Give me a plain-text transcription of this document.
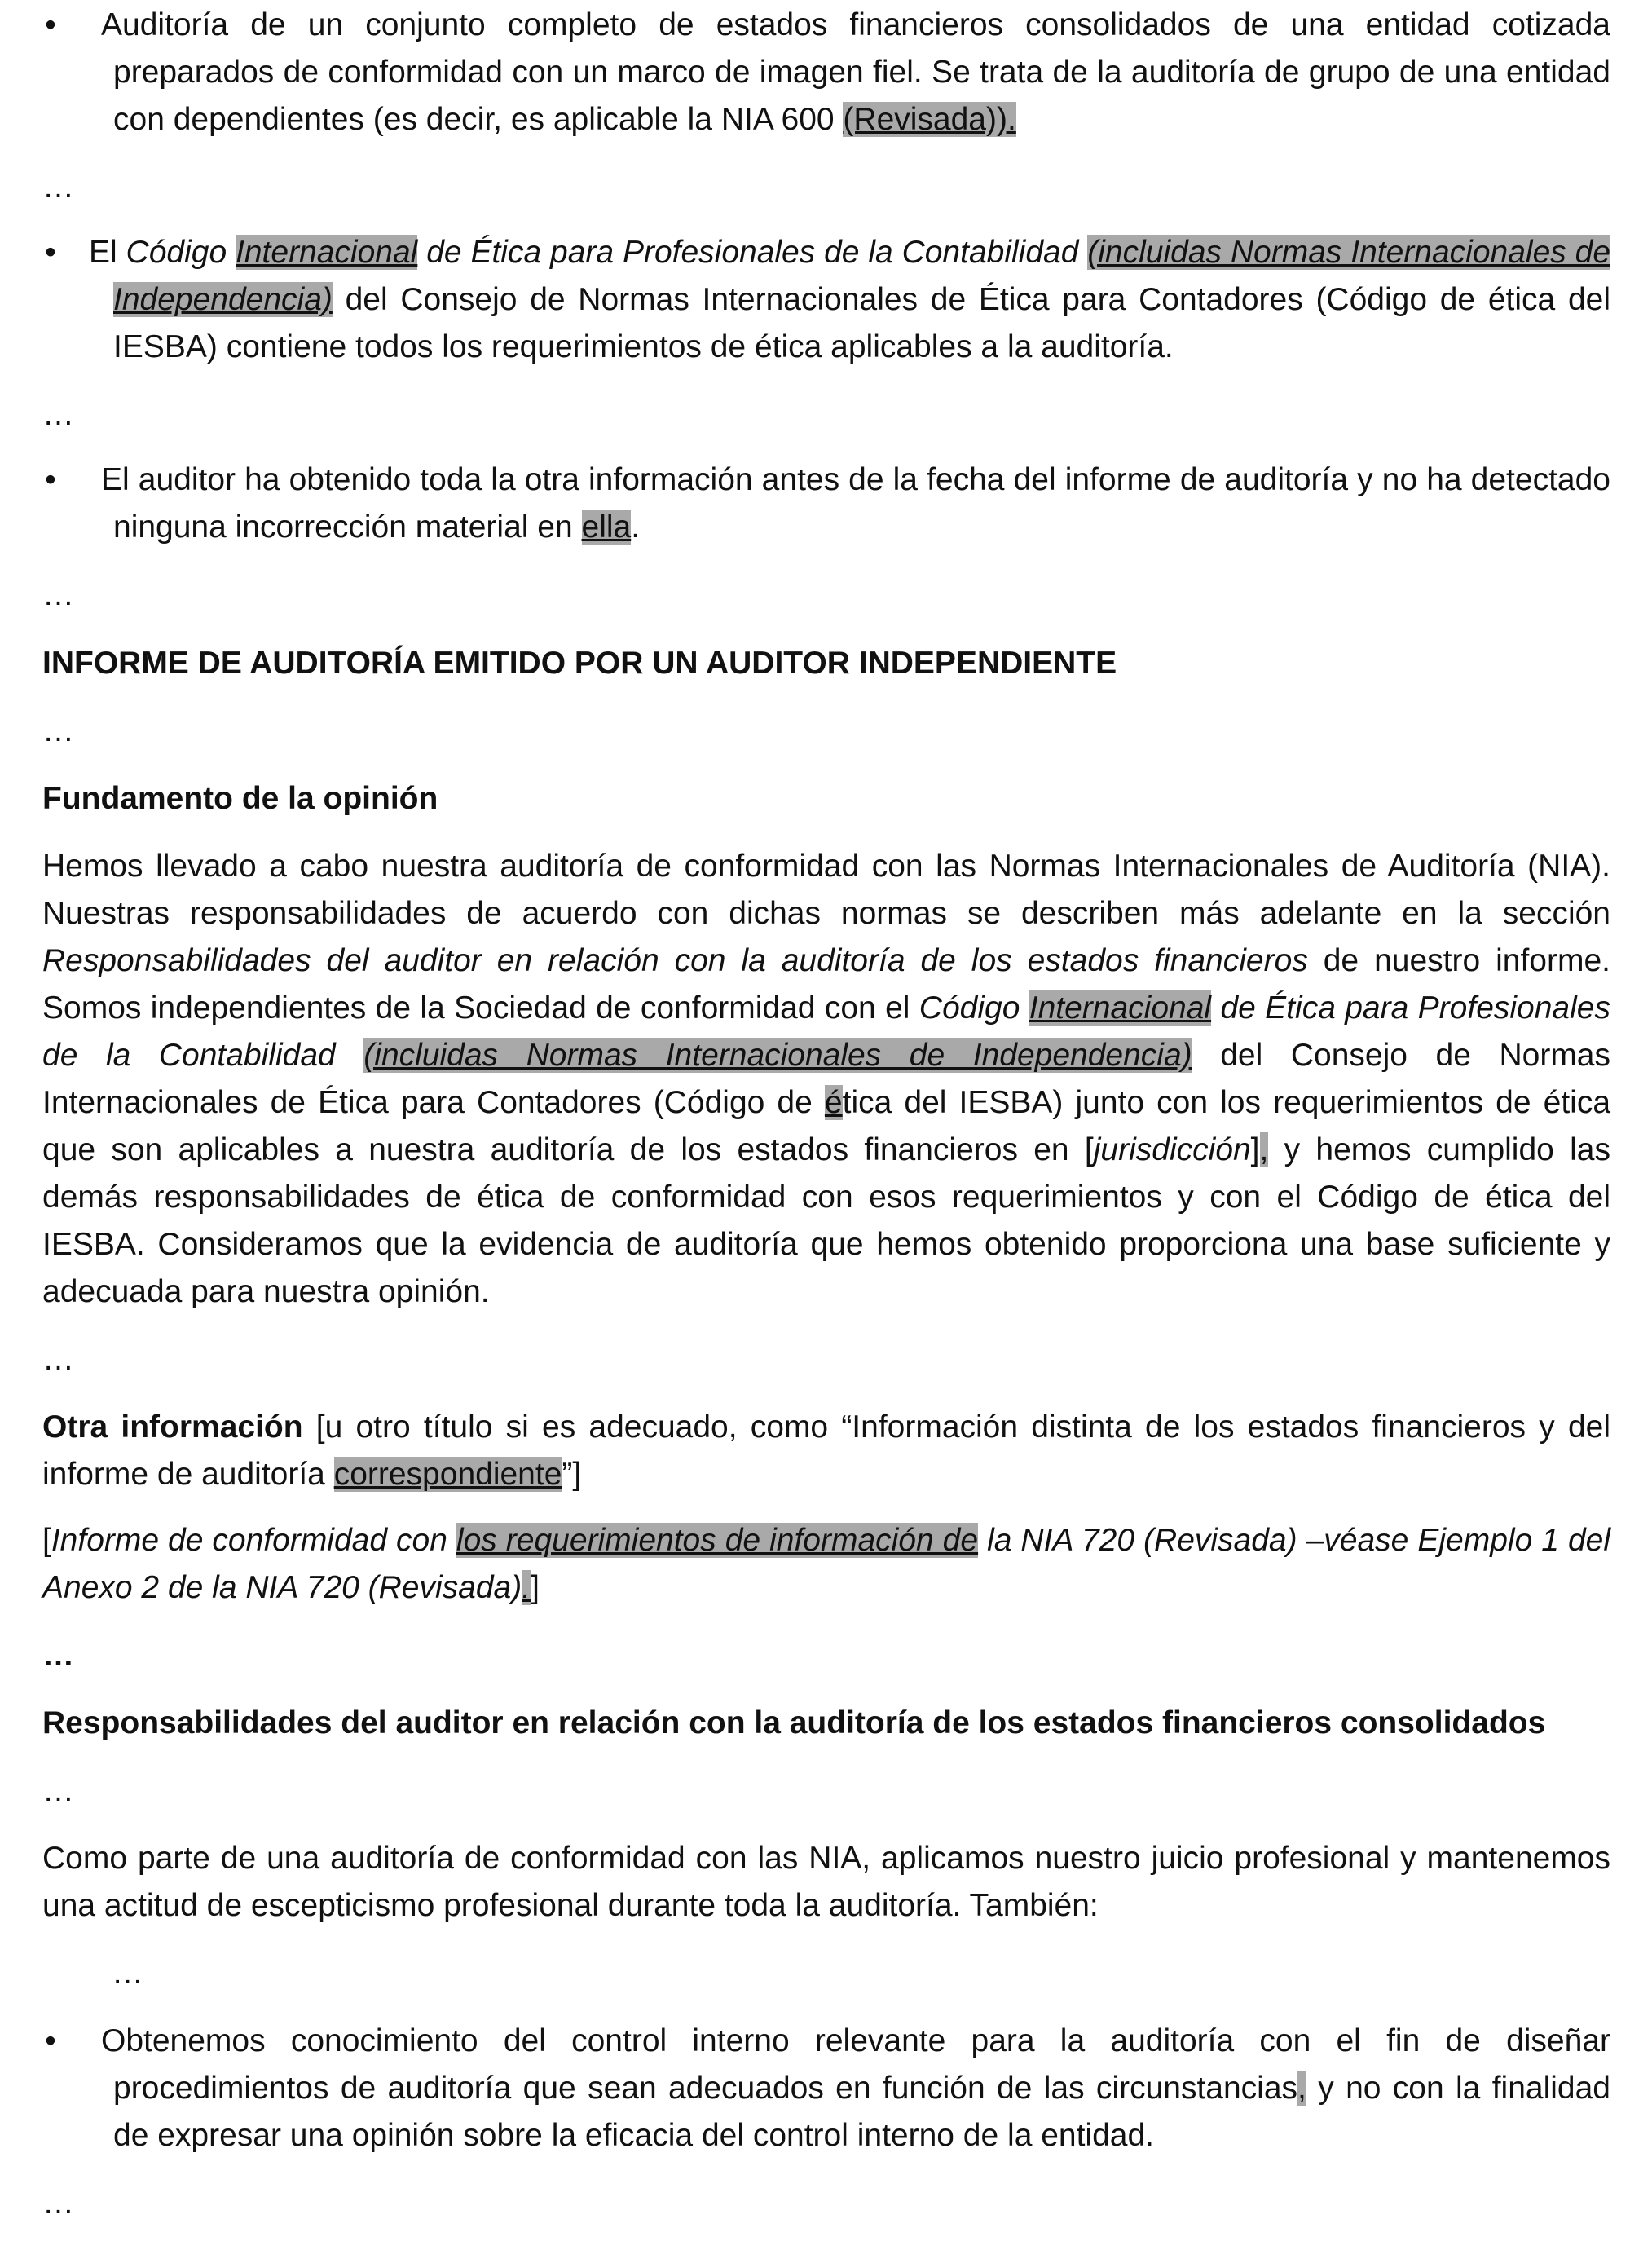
• Auditoría de un conjunto completo de estados financieros consolidados de una entidad cotizada
preparados de conformidad con un marco de imagen fiel. Se trata de la auditoría de grupo de una entidad con dependientes (es decir, es aplicable la NIA 600 (Revisada)).

…

• El Código Internacional de Ética para Profesionales de la Contabilidad (incluidas Normas Internacionales de Independencia) del Consejo de Normas Internacionales de Ética para Contadores (Código de ética del IESBA) contiene todos los requerimientos de ética aplicables a la auditoría.

…

• El auditor ha obtenido toda la otra información antes de la fecha del informe de auditoría y no ha detectado ninguna incorrección material en ella.

…

INFORME DE AUDITORÍA EMITIDO POR UN AUDITOR INDEPENDIENTE

…

Fundamento de la opinión

Hemos llevado a cabo nuestra auditoría de conformidad con las Normas Internacionales de Auditoría (NIA). Nuestras responsabilidades de acuerdo con dichas normas se describen más adelante en la sección Responsabilidades del auditor en relación con la auditoría de los estados financieros de nuestro informe. Somos independientes de la Sociedad de conformidad con el Código Internacional de Ética para Profesionales de la Contabilidad (incluidas Normas Internacionales de Independencia) del Consejo de Normas Internacionales de Ética para Contadores (Código de ética del IESBA) junto con los requerimientos de ética que son aplicables a nuestra auditoría de los estados financieros en [jurisdicción], y hemos cumplido las demás responsabilidades de ética de conformidad con esos requerimientos y con el Código de ética del IESBA. Consideramos que la evidencia de auditoría que hemos obtenido proporciona una base suficiente y adecuada para nuestra opinión.

…

Otra información [u otro título si es adecuado, como “Información distinta de los estados financieros y del informe de auditoría correspondiente”]

[Informe de conformidad con los requerimientos de información de la NIA 720 (Revisada) –véase Ejemplo 1 del Anexo 2 de la NIA 720 (Revisada).]

…

Responsabilidades del auditor en relación con la auditoría de los estados financieros consolidados

…

Como parte de una auditoría de conformidad con las NIA, aplicamos nuestro juicio profesional y mantenemos una actitud de escepticismo profesional durante toda la auditoría. También:

…

• Obtenemos conocimiento del control interno relevante para la auditoría con el fin de diseñar procedimientos de auditoría que sean adecuados en función de las circunstancias, y no con la finalidad de expresar una opinión sobre la eficacia del control interno de la entidad.

…
